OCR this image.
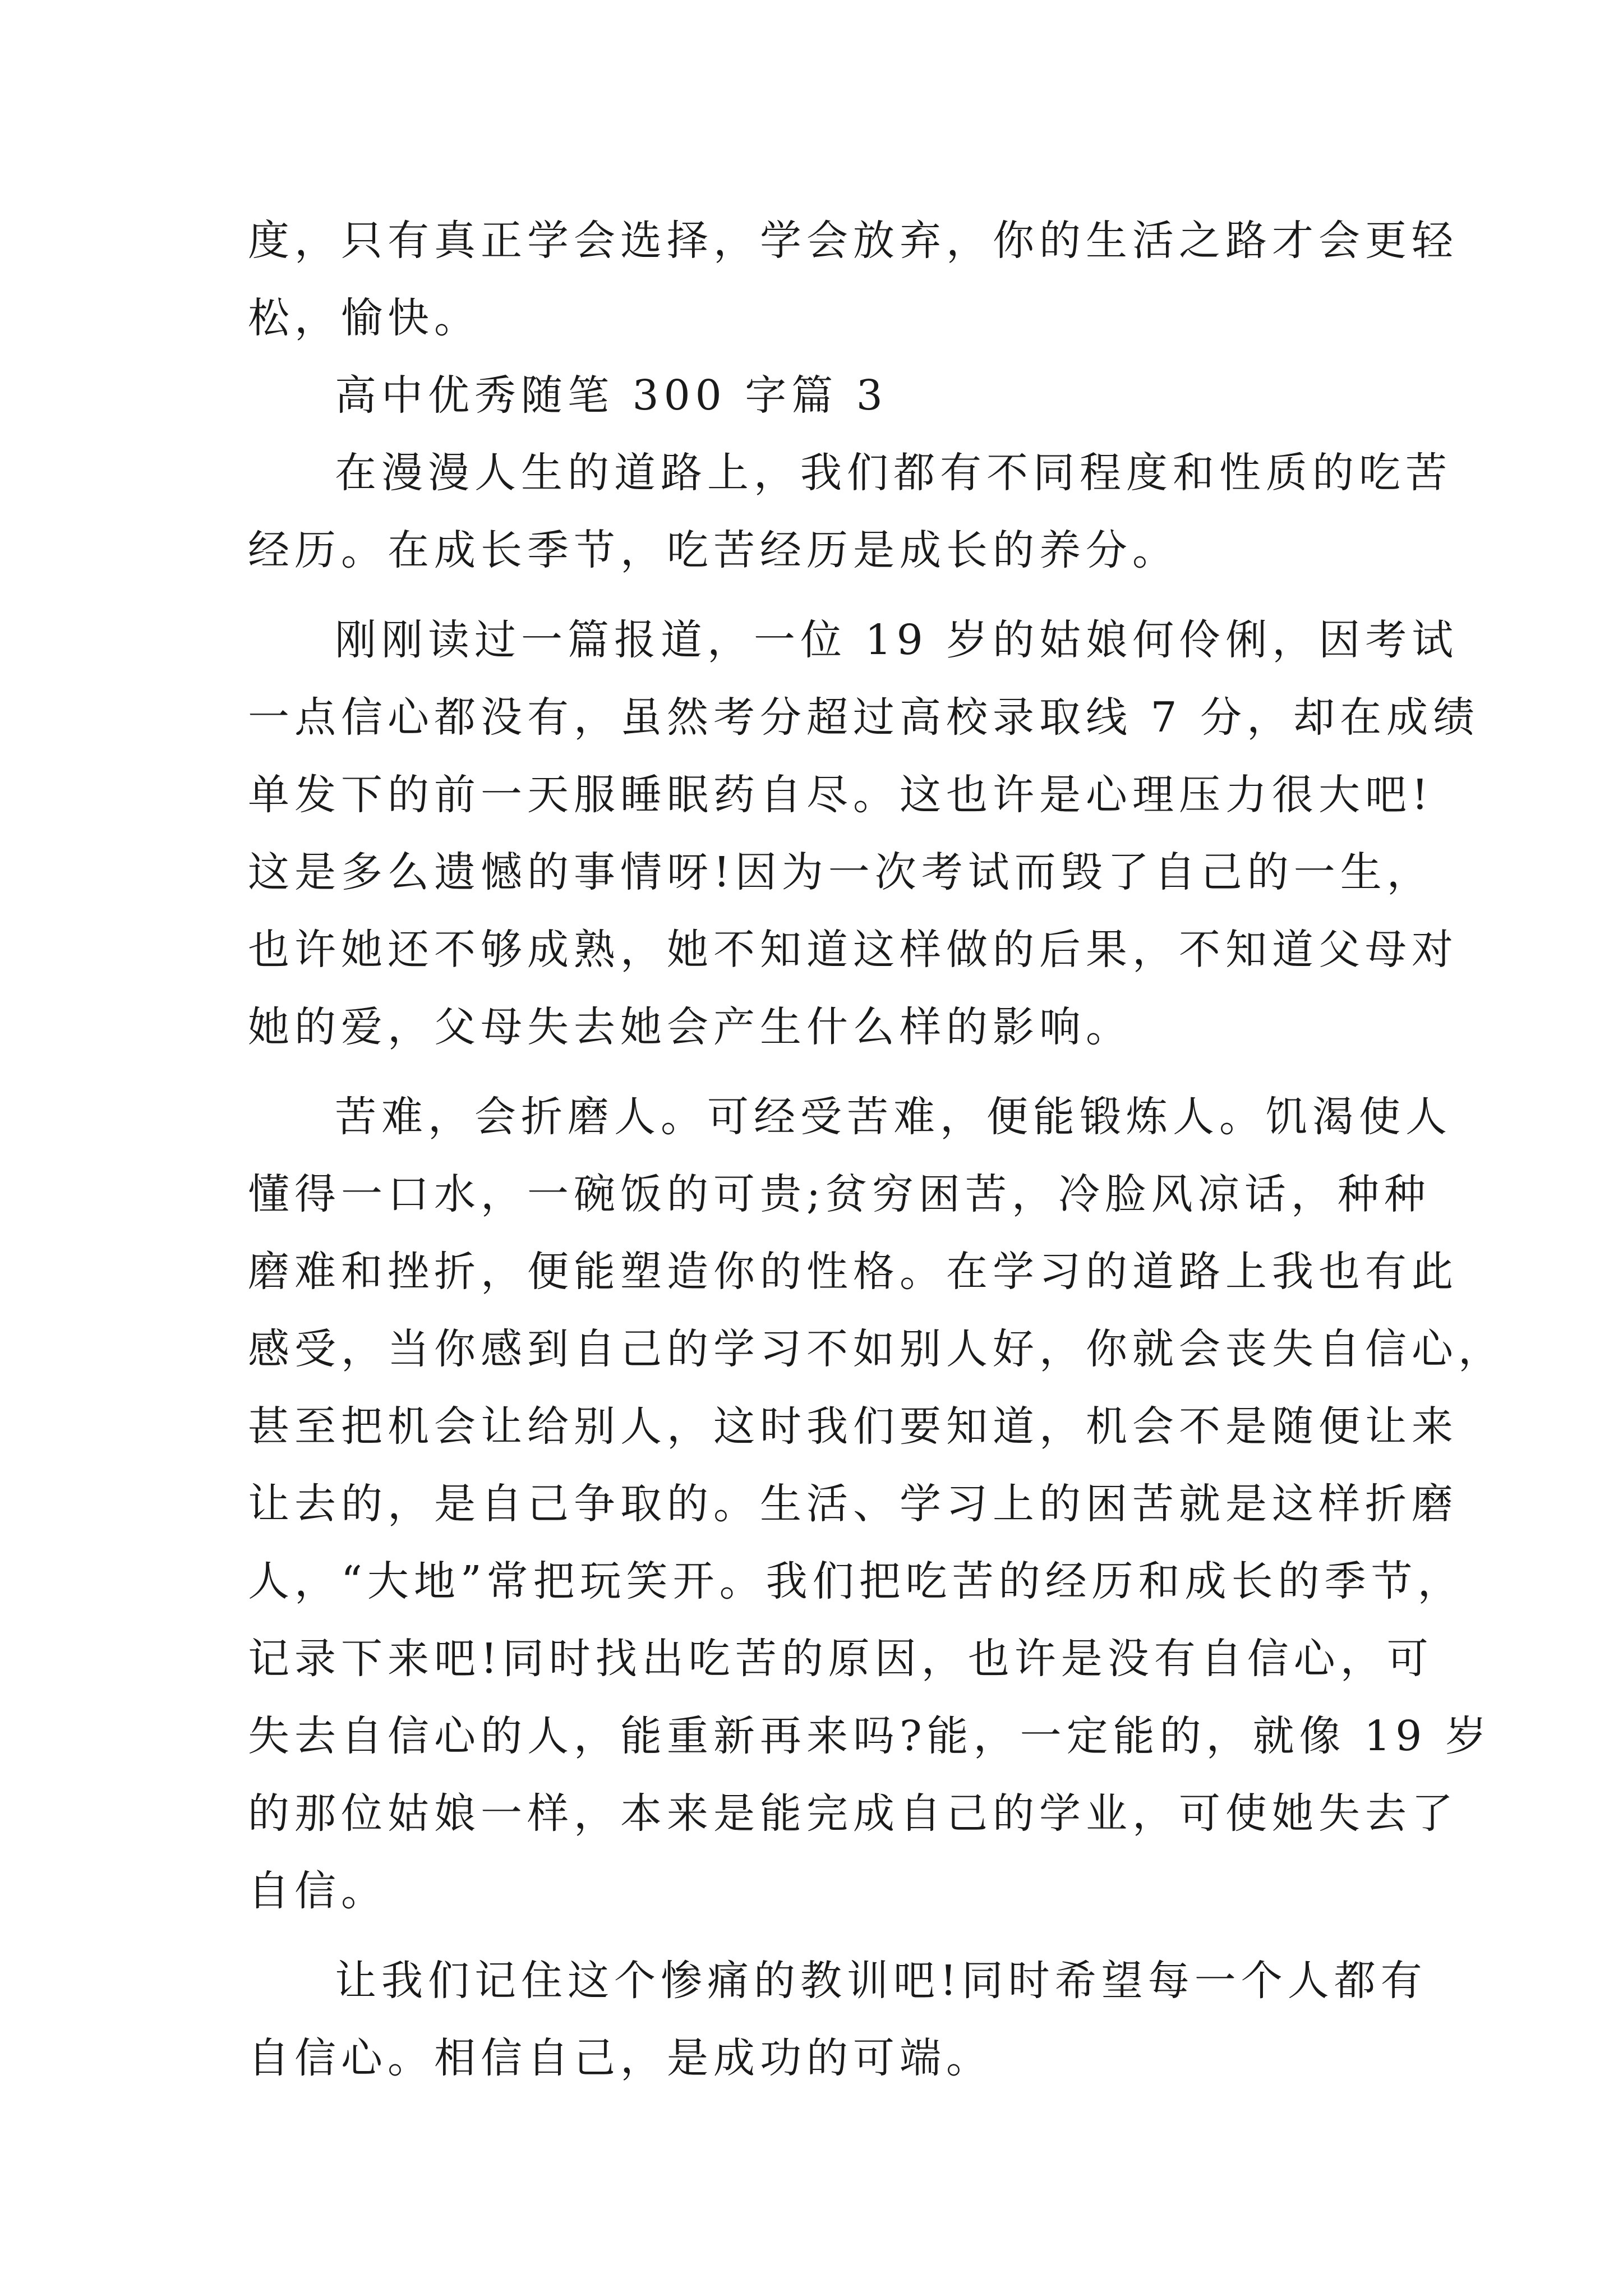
度，只有真正学会选择，学会放弃，你的生活之路才会更轻
松，愉快。
高中优秀随笔 300 字篇 3
在漫漫人生的道路上，我们都有不同程度和性质的吃苦
经历。在成长季节，吃苦经历是成长的养分。
刚刚读过一篇报道，一位 19 岁的姑娘何伶俐，因考试
一点信心都没有，虽然考分超过高校录取线 7 分，却在成绩
单发下的前一天服睡眠药自尽。这也许是心理压力很大吧!
这是多么遗憾的事情呀!因为一次考试而毁了自己的一生，
也许她还不够成熟，她不知道这样做的后果，不知道父母对
她的爱，父母失去她会产生什么样的影响。
苦难，会折磨人。可经受苦难，便能锻炼人。饥渴使人
懂得一口水，一碗饭的可贵;贫穷困苦，冷脸风凉话，种种
磨难和挫折，便能塑造你的性格。在学习的道路上我也有此
感受，当你感到自己的学习不如别人好，你就会丧失自信心，
甚至把机会让给别人，这时我们要知道，机会不是随便让来
让去的，是自己争取的。生活、学习上的困苦就是这样折磨
人，“大地”常把玩笑开。我们把吃苦的经历和成长的季节，
记录下来吧!同时找出吃苦的原因，也许是没有自信心，可
失去自信心的人，能重新再来吗?能，一定能的，就像 19 岁
的那位姑娘一样，本来是能完成自己的学业，可使她失去了
自信。
让我们记住这个惨痛的教训吧!同时希望每一个人都有
自信心。相信自己，是成功的可端。
